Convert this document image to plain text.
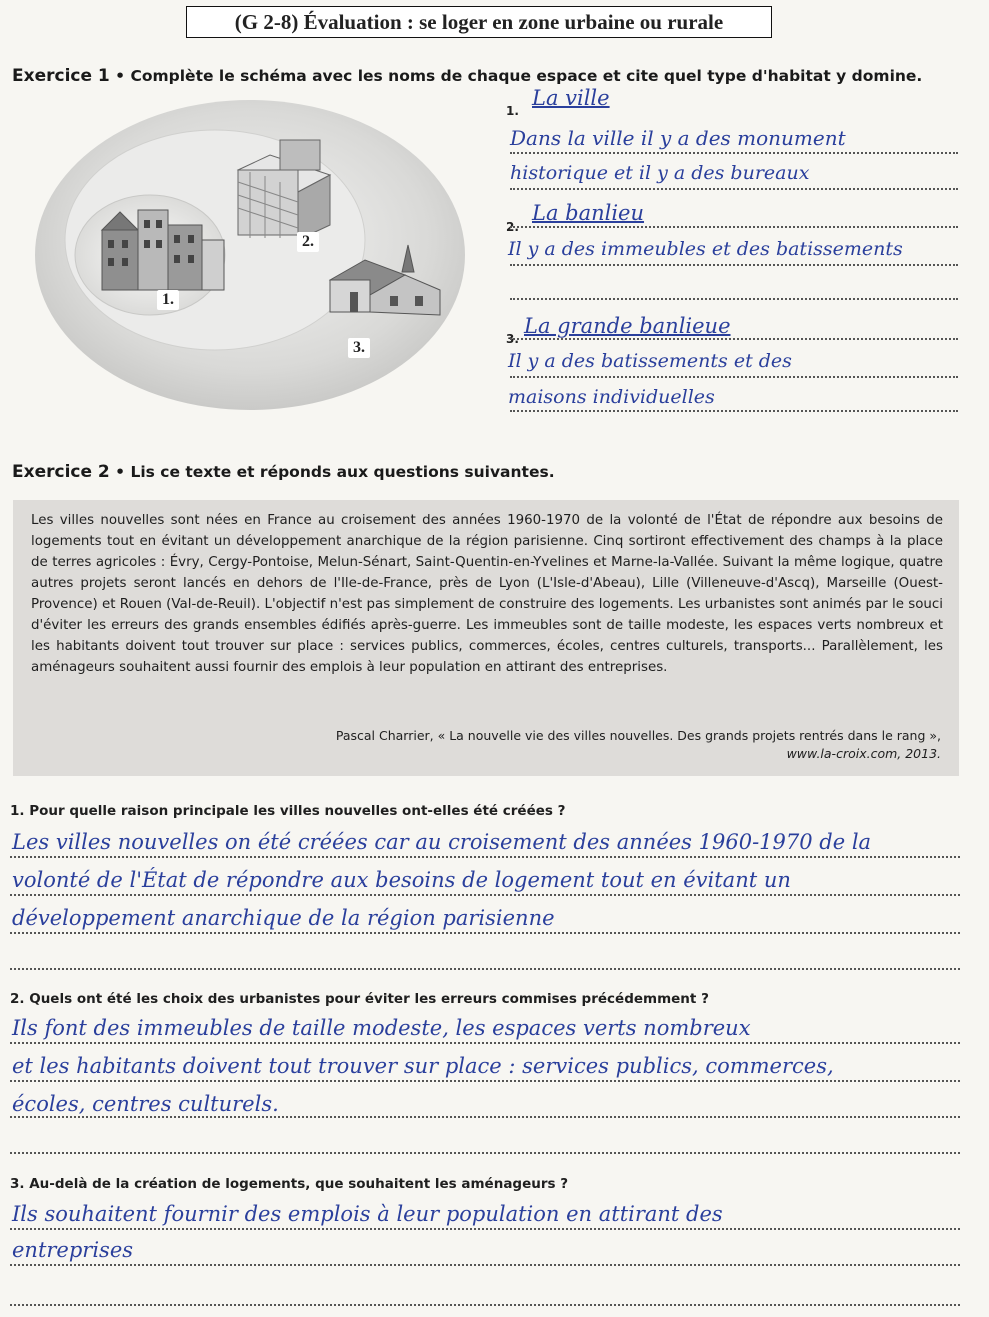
(G 2-8) Évaluation : se loger en zone urbaine ou rurale
Exercice 1 • Complète le schéma avec les noms de chaque espace et cite quel type d'habitat y domine.
1.
2.
3.
1.
La ville
Dans la ville il y a des monument
historique et il y a des bureaux
2.
La banlieu
Il y a des immeubles et des batissements
3.
La grande banlieue
Il y a des batissements et des
maisons individuelles
Exercice 2 • Lis ce texte et réponds aux questions suivantes.

Les villes nouvelles sont nées en France au croisement des années 1960-1970 de la volonté de l'État de répondre aux besoins de logements tout en évitant un développement anarchique de la région parisienne. Cinq sortiront effectivement des champs à la place de terres agricoles : Évry, Cergy-Pontoise, Melun-Sénart, Saint-Quentin-en-Yvelines et Marne-la-Vallée. Suivant la même logique, quatre autres projets seront lancés en dehors de l'Ile-de-France, près de Lyon (L'Isle-d'Abeau), Lille (Villeneuve-d'Ascq), Marseille (Ouest-Provence) et Rouen (Val-de-Reuil). L'objectif n'est pas simplement de construire des logements. Les urbanistes sont animés par le souci d'éviter les erreurs des grands ensembles édifiés après-guerre. Les immeubles sont de taille modeste, les espaces verts nombreux et les habitants doivent tout trouver sur place : services publics, commerces, écoles, centres culturels, transports... Parallèlement, les aménageurs souhaitent aussi fournir des emplois à leur population en attirant des entreprises.

Pascal Charrier, « La nouvelle vie des villes nouvelles. Des grands projets rentrés dans le rang »,
www.la-croix.com, 2013.
1. Pour quelle raison principale les villes nouvelles ont-elles été créées ?
Les villes nouvelles on été créées car au croisement des années 1960-1970 de la
volonté de l'État de répondre aux besoins de logement tout en évitant un
développement anarchique de la région parisienne
2. Quels ont été les choix des urbanistes pour éviter les erreurs commises précédemment ?
Ils font des immeubles de taille modeste, les espaces verts nombreux
et les habitants doivent tout trouver sur place : services publics, commerces,
écoles, centres culturels.
3. Au-delà de la création de logements, que souhaitent les aménageurs ?
Ils souhaitent fournir des emplois à leur population en attirant des
entreprises
